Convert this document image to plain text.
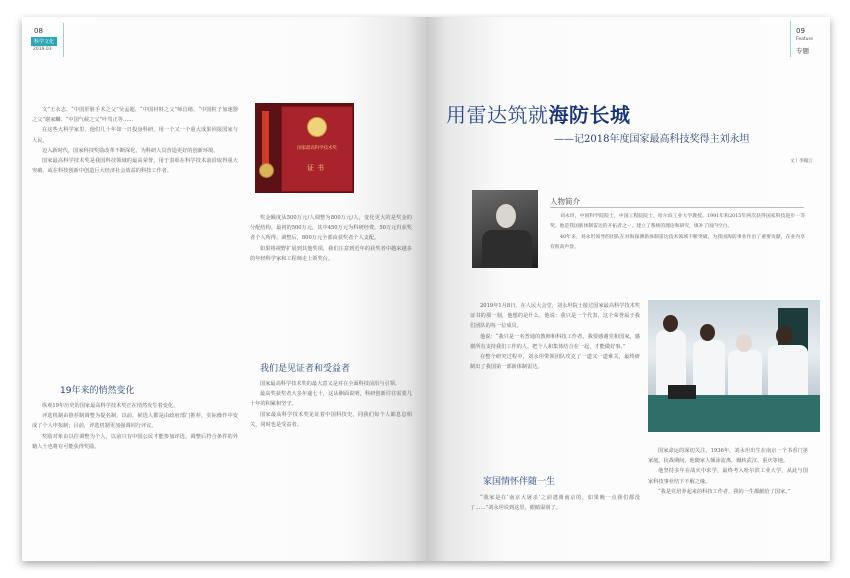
08
科学文化
2019.03

文”王永志、“中国肝脏手术之父”吴孟超、“中国材料之父”师昌绪、“中国粒子加速器之父”谢家麟、“中国气候之父”叶笃正等……

在这些大科学家里，他们几十年如一日投身科研，用一个又一个重大成果回报国家与人民。

迈入新时代，国家科技奖励改革不断深化，为科研人员营造更好的创新环境。

国家最高科学技术奖是我国科技领域的最高荣誉，用于表彰在科学技术前沿取得重大突破、或在科技创新中创造巨大经济社会效益的科技工作者。

19年来的悄然变化

纵观19年历史的国家最高科学技术奖正在悄然发生着变化。

评选机制由推荐制调整为提名制，以前，候选人都是由政府部门推荐，实际操作中变成了个人申报制；目前，评选机制更加强调同行评议。

奖励对象由以往调整为个人，以前只有中国公民才能参加评选，调整后符合条件的外籍人士也将有可能获得奖励。

国家最高科学技术奖
证书

奖金额度从500万元/人调整为800万元/人，变化更大的是奖金的分配结构。最初的500万元，其中450万元为科研经费，50万元归获奖者个人所得。调整后，800万元全部由获奖者个人支配。

如果将视野扩展到其他奖项，我们注意到近年的获奖者中越来越多的年轻科学家和工程师走上领奖台。

我们是见证者和受益者

国家最高科学技术奖的最大意义是对在全面科技前沿与引领。

最高奖获奖者大多年逾七十，这从侧面说明，科研创新往往需要几十年的积累和坚守。

国家最高科学技术奖见证着中国科技史，同我们每个人都息息相关，同时也是受益者。

09
Feature
专题
用雷达筑就海防长城
——记2018年度国家最高科技奖得主刘永坦
文丨李翰云
人物简介

刘永坦，中国科学院院士，中国工程院院士，哈尔滨工业大学教授。1991年和2015年两次获得国家科技进步一等奖。他是我国新体制雷达的开拓者之一，建立了系统的理论和研究，填补了国内空白。

40年来，刘永坦领导的团队在对海探测新体制雷达技术领域不断突破，为我国海防事业作出了重要贡献，在业内享有很高声誉。

2019年1月8日，在人民大会堂，刘永坦院士接过国家最高科学技术奖证书的那一刻，他想的是什么，他说：我只是一个代表，这个荣誉属于我们团队的每一位成员。

他说：“我只是一名普通的教师和科技工作者，我要感谢党和国家，感谢所有支持我们工作的人，把个人和集体结合在一起，才能做好事。”

在整个研究过程中，刘永坦带领团队攻克了一道又一道难关，最终研制出了我国第一部新体制雷达。

家国情怀伴随一生

“我家是在‘南京大屠杀’之前逃离南京的，如果晚一点我们都没了……”刘永坦说到这里，眼睛湿润了。

国家命运的深切关注，1936年，刘永坦出生在南京一个书香门第家庭。抗战期间，他随家人颠沛流离，辗转武汉、重庆等地。

他坚持多年在战火中求学，最终考入哈尔滨工业大学，从此与国家科技事业结下不解之缘。

“我是党培养起来的科技工作者，我的一生都献给了国家。”
